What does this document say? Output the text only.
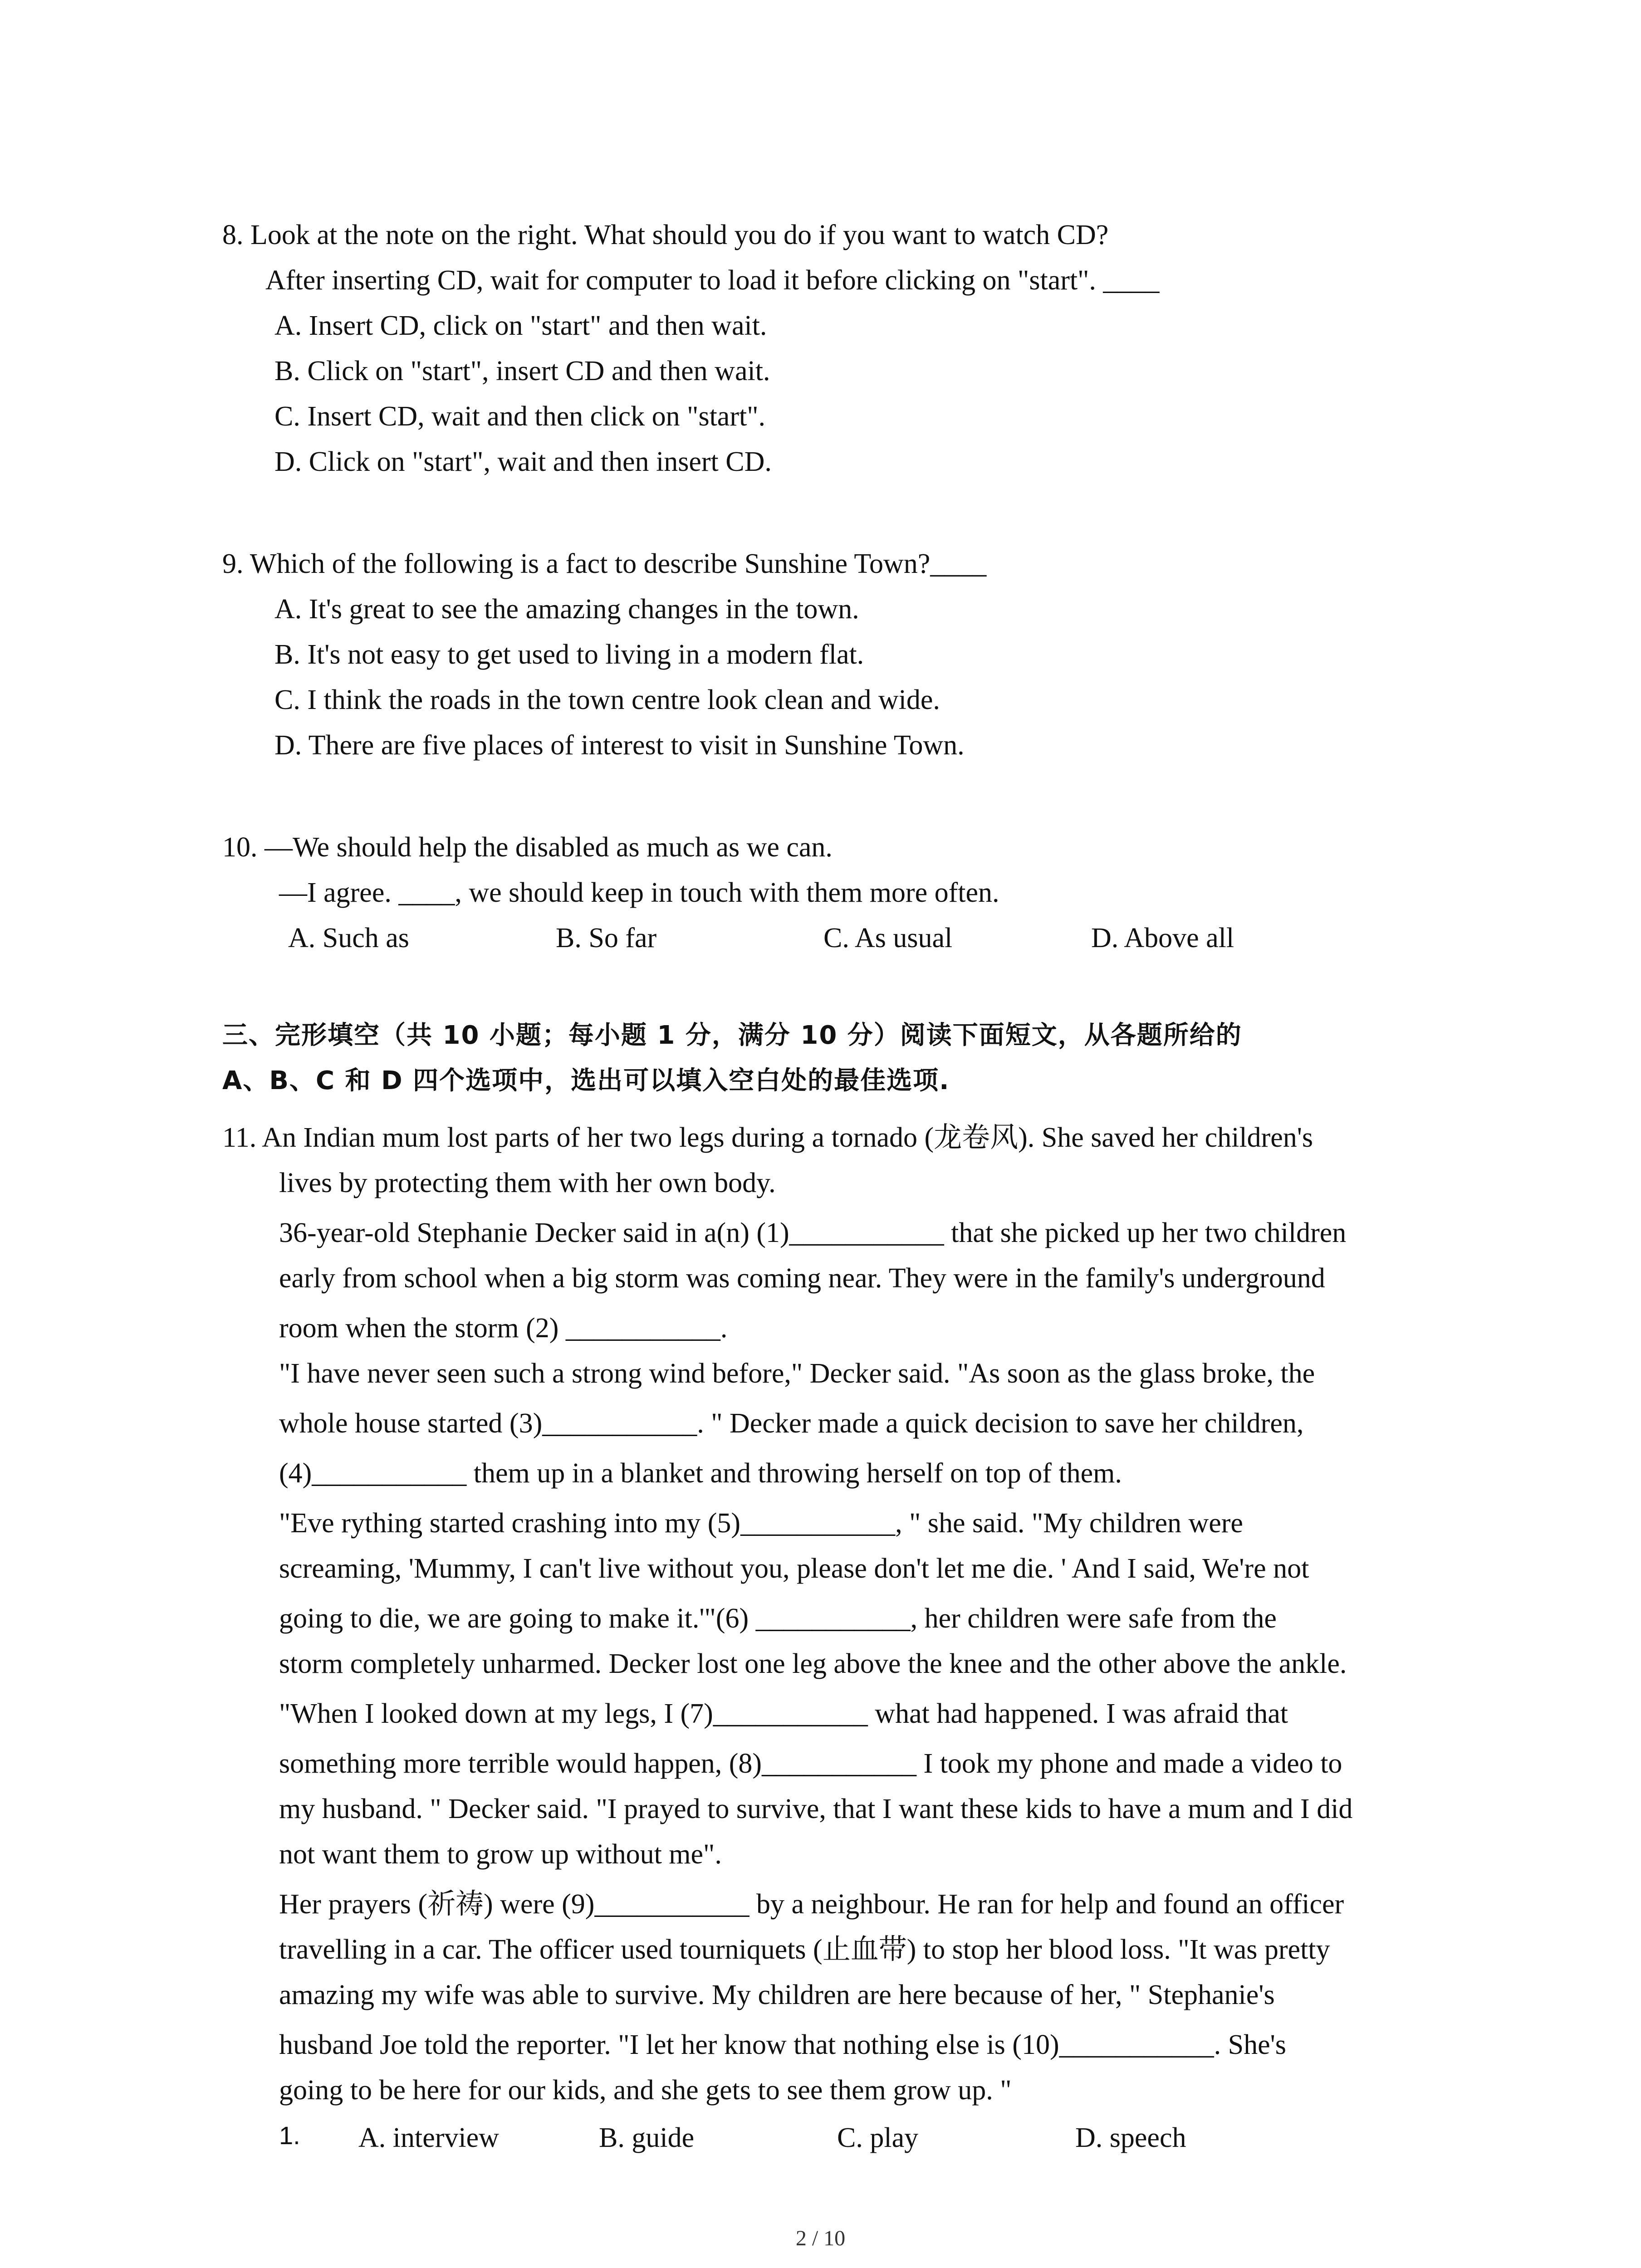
8. Look at the note on the right. What should you do if you want to watch CD?
After inserting CD, wait for computer to load it before clicking on "start". ____
A. Insert CD, click on "start" and then wait.
B. Click on "start", insert CD and then wait.
C. Insert CD, wait and then click on "start".
D. Click on "start", wait and then insert CD.
9. Which of the following is a fact to describe Sunshine Town?____
A. It's great to see the amazing changes in the town.
B. It's not easy to get used to living in a modern flat.
C. I think the roads in the town centre look clean and wide.
D. There are five places of interest to visit in Sunshine Town.
10. —We should help the disabled as much as we can.
—I agree. ____, we should keep in touch with them more often.
A. Such as	B. So far	C. As usual	D. Above all
三、完形填空（共 10 小题；每小题 1 分，满分 10 分）阅读下面短文，从各题所给的
A、B、C 和 D 四个选项中，选出可以填入空白处的最佳选项.
11. An Indian mum lost parts of her two legs during a tornado (龙卷风). She saved her children's
lives by protecting them with her own body.
36-year-old Stephanie Decker said in a(n) (1)___________ that she picked up her two children
early from school when a big storm was coming near. They were in the family's underground
room when the storm (2) ___________.
"I have never seen such a strong wind before," Decker said. "As soon as the glass broke, the
whole house started (3)___________. " Decker made a quick decision to save her children,
(4)___________ them up in a blanket and throwing herself on top of them.
"Eve rything started crashing into my (5)___________, " she said. "My children were
screaming, 'Mummy, I can't live without you, please don't let me die. ' And I said, We're not
going to die, we are going to make it.'"(6) ___________, her children were safe from the
storm completely unharmed. Decker lost one leg above the knee and the other above the ankle.
"When I looked down at my legs, I (7)___________ what had happened. I was afraid that
something more terrible would happen, (8)___________ I took my phone and made a video to
my husband. " Decker said. "I prayed to survive, that I want these kids to have a mum and I did
not want them to grow up without me".
Her prayers (祈祷) were (9)___________ by a neighbour. He ran for help and found an officer
travelling in a car. The officer used tourniquets (止血带) to stop her blood loss. "It was pretty
amazing my wife was able to survive. My children are here because of her, " Stephanie's
husband Joe told the reporter. "I let her know that nothing else is (10)___________. She's
going to be here for our kids, and she gets to see them grow up. "
1. A. interview	B. guide	C. play	D. speech
2 / 10
